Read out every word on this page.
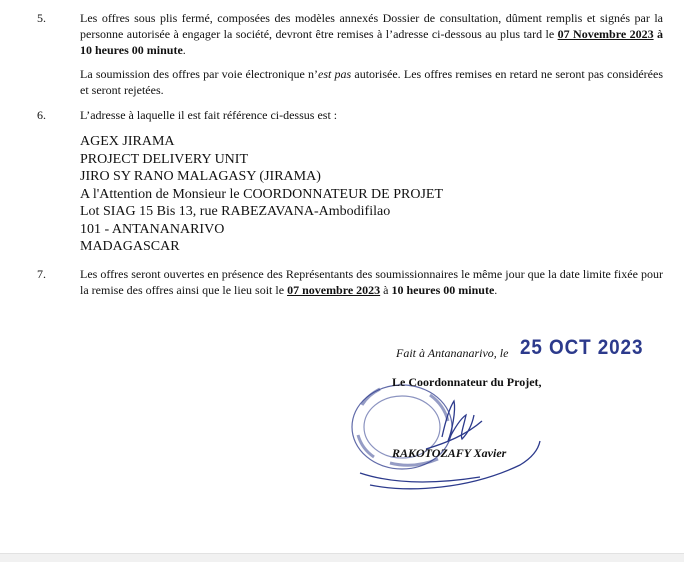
5.	Les offres sous plis fermé, composées des modèles annexés Dossier de consultation, dûment remplis et signés par la personne autorisée à engager la société, devront être remises à l’adresse ci-dessous au plus tard le 07 Novembre 2023 à 10 heures 00 minute.
La soumission des offres par voie électronique n’est pas autorisée. Les offres remises en retard ne seront pas considérées et seront rejetées.
6.	L’adresse à laquelle il est fait référence ci-dessus est :
AGEX JIRAMA
PROJECT DELIVERY UNIT
JIRO SY RANO MALAGASY (JIRAMA)
A l'Attention de Monsieur le COORDONNATEUR DE PROJET
Lot SIAG 15 Bis 13, rue RABEZAVANA-Ambodifilao
101 - ANTANANARIVO
MADAGASCAR
7.	Les offres seront ouvertes en présence des Représentants des soumissionnaires le même jour que la date limite fixée pour la remise des offres ainsi que le lieu soit le 07 novembre 2023 à 10 heures 00 minute.
Fait à Antananarivo, le 25 OCT 2023
Le Coordonnateur du Projet,
RAKOTOZAFY Xavier
